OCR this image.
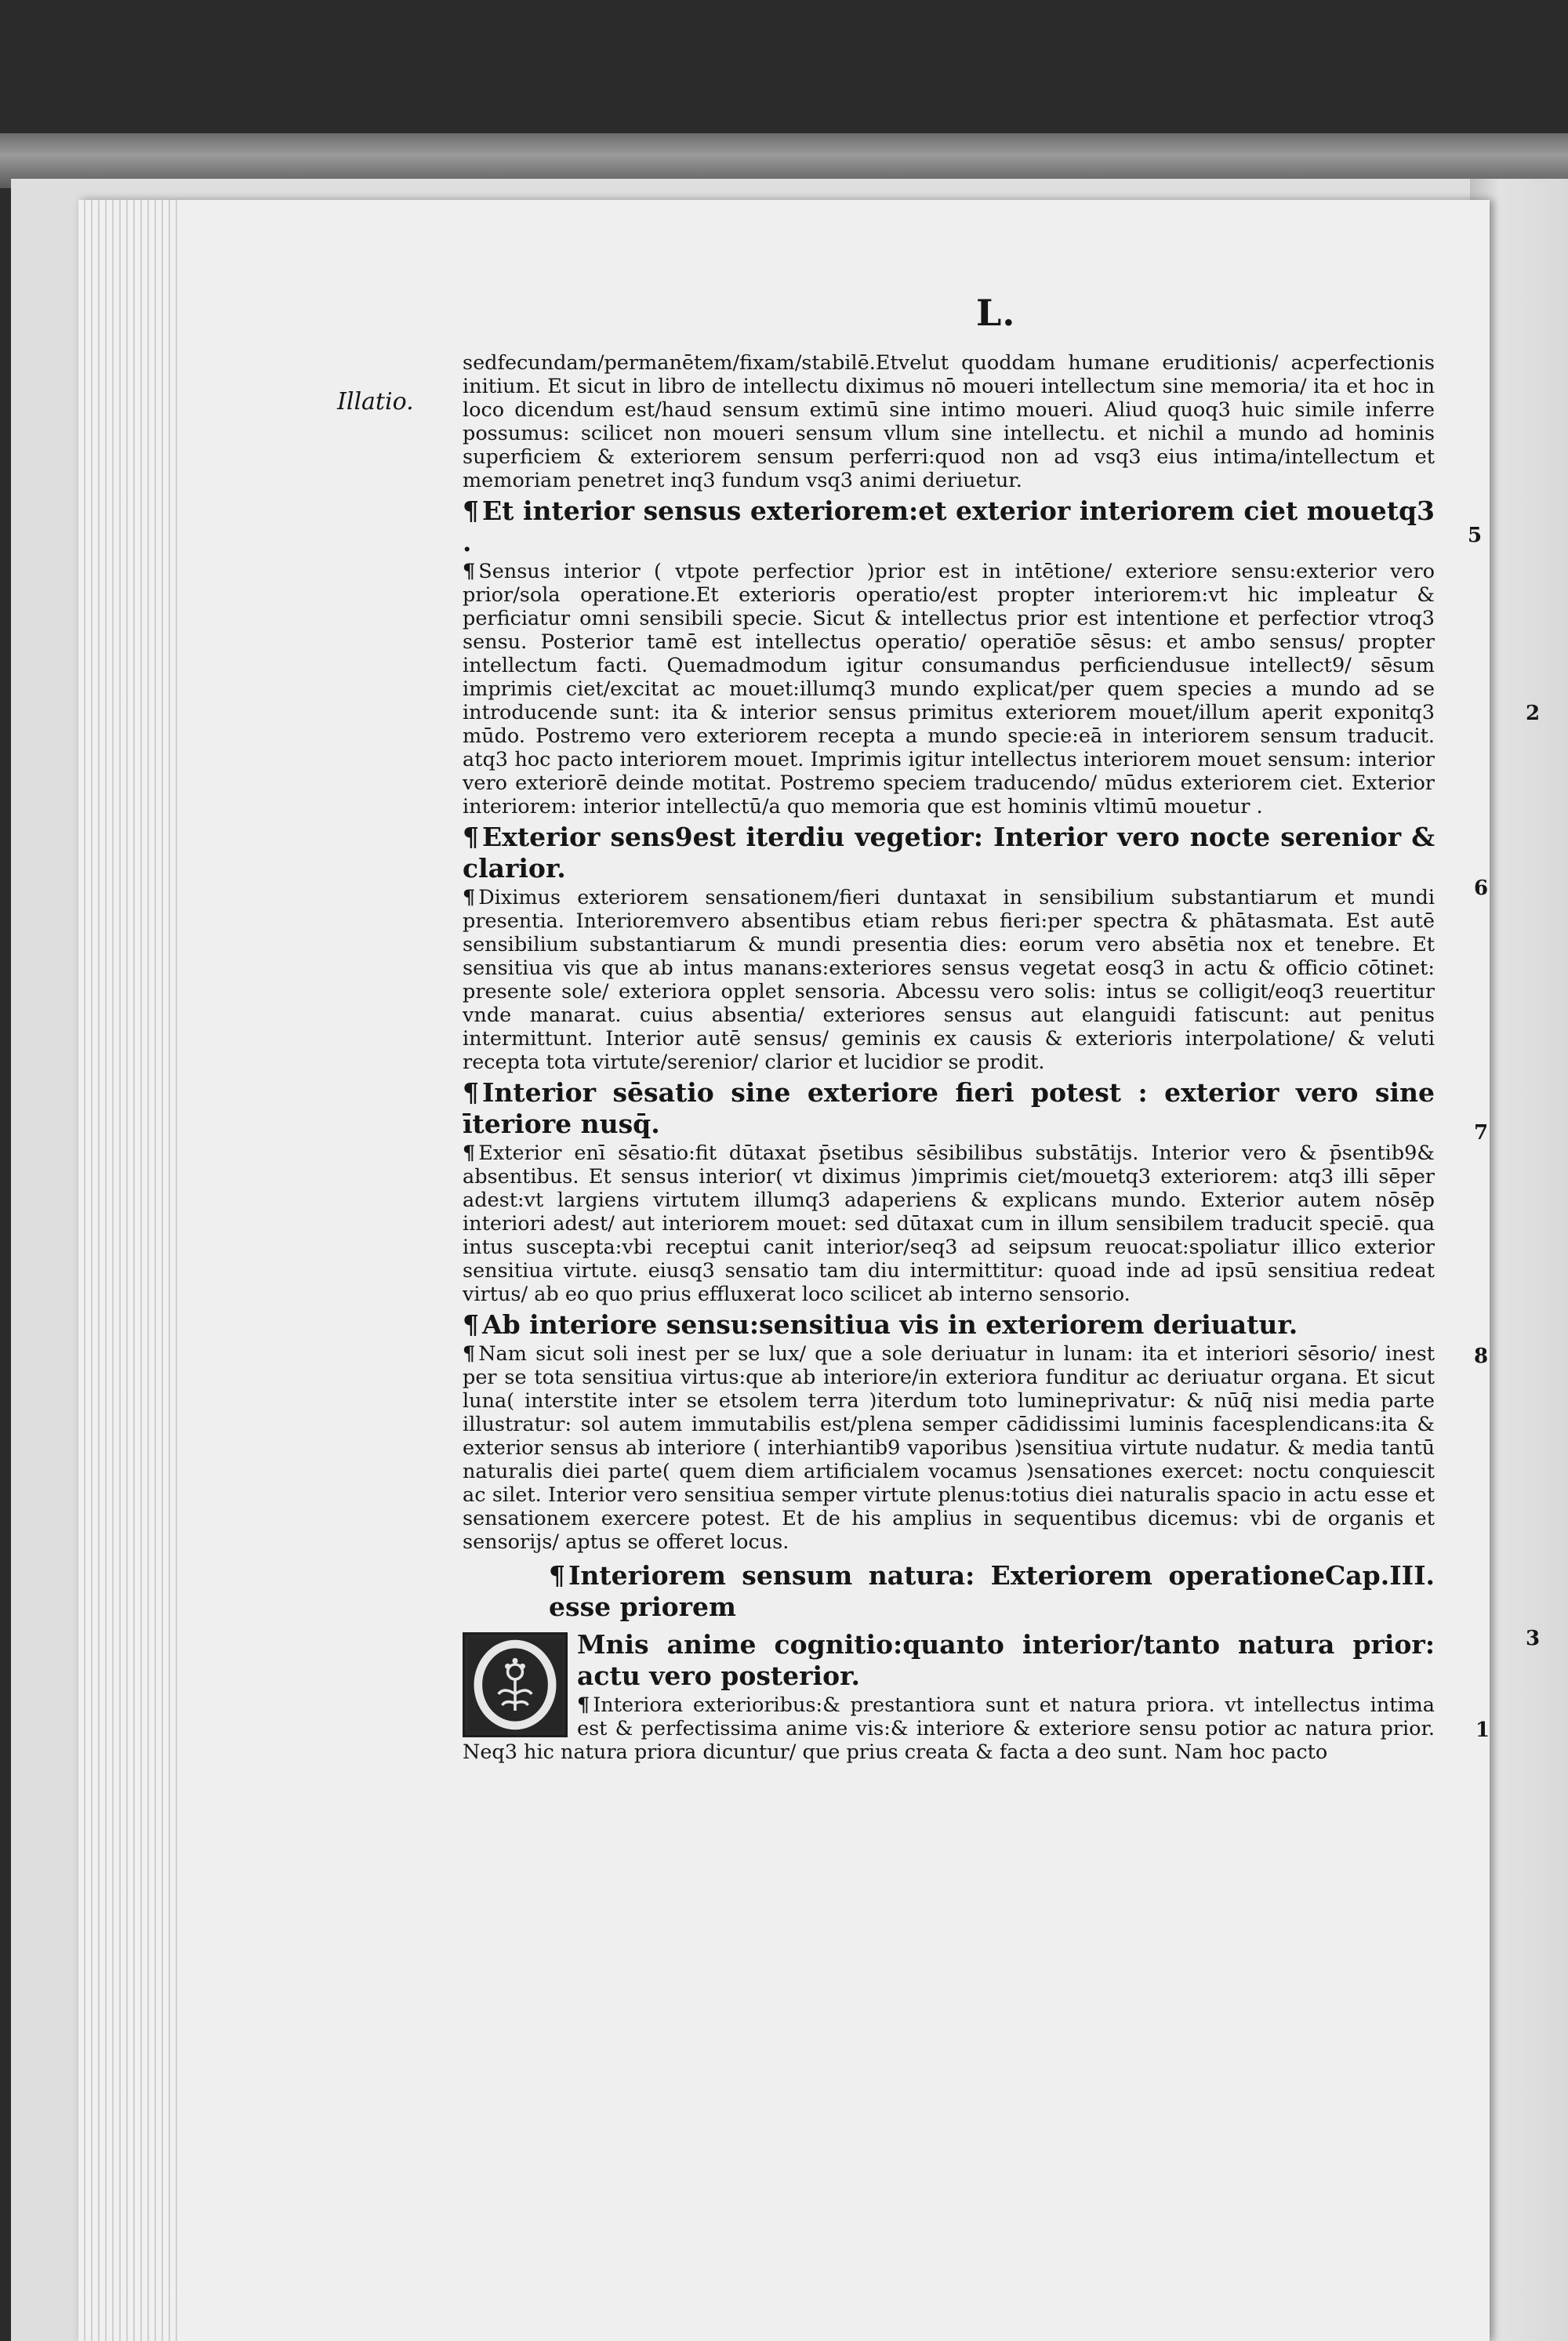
L.
Illatio.

sedfecundam/permanētem/fixam/stabilē.Etvelut quoddam humane eruditionis/ acperfectionis initium. Et sicut in libro de intellectu diximus nō moueri intellectum sine memoria/ ita et hoc in loco dicendum est/haud sensum extimū sine intimo moueri. Aliud quoq3 huic simile inferre possumus: scilicet non moueri sensum vllum sine intellectu. et nichil a mundo ad hominis superficiem & exteriorem sensum perferri:quod non ad vsq3 eius intima/intellectum et memoriam penetret inq3 fundum vsq3 animi deriuetur.

¶ Et interior sensus exteriorem:et exterior interiorem ciet mouetq3 .

¶ Sensus interior ( vtpote perfectior )prior est in intētione/ exteriore sensu:exterior vero prior/sola operatione.Et exterioris operatio/est propter interiorem:vt hic impleatur & perficiatur omni sensibili specie. Sicut & intellectus prior est intentione et perfectior vtroq3 sensu. Posterior tamē est intellectus operatio/ operatiōe sēsus: et ambo sensus/ propter intellectum facti. Quemadmodum igitur consumandus perficiendusue intellect9/ sēsum imprimis ciet/excitat ac mouet:illumq3 mundo explicat/per quem species a mundo ad se introducende sunt: ita & interior sensus primitus exteriorem mouet/illum aperit exponitq3 mūdo. Postremo vero exteriorem recepta a mundo specie:eā in interiorem sensum traducit. atq3 hoc pacto interiorem mouet. Imprimis igitur intellectus interiorem mouet sensum: interior vero exteriorē deinde motitat. Postremo speciem traducendo/ mūdus exteriorem ciet. Exterior interiorem: interior intellectū/a quo memoria que est hominis vltimū mouetur .

¶ Exterior sens9est iterdiu vegetior: Interior vero nocte serenior & clarior.

¶ Diximus exteriorem sensationem/fieri duntaxat in sensibilium substantiarum et mundi presentia. Interioremvero absentibus etiam rebus fieri:per spectra & phātasmata. Est autē sensibilium substantiarum & mundi presentia dies: eorum vero absētia nox et tenebre. Et sensitiua vis que ab intus manans:exteriores sensus vegetat eosq3 in actu & officio cōtinet: presente sole/ exteriora opplet sensoria. Abcessu vero solis: intus se colligit/eoq3 reuertitur vnde manarat. cuius absentia/ exteriores sensus aut elanguidi fatiscunt: aut penitus intermittunt. Interior autē sensus/ geminis ex causis & exterioris interpolatione/ & veluti recepta tota virtute/serenior/ clarior et lucidior se prodit.

¶ Interior sēsatio sine exteriore fieri potest : exterior vero sine īteriore nusq̄.

¶ Exterior enī sēsatio:fit dūtaxat p̄setibus sēsibilibus substātijs. Interior vero & p̄sentib9& absentibus. Et sensus interior( vt diximus )imprimis ciet/mouetq3 exteriorem: atq3 illi sēper adest:vt largiens virtutem illumq3 adaperiens & explicans mundo. Exterior autem nōsēp interiori adest/ aut interiorem mouet: sed dūtaxat cum in illum sensibilem traducit speciē. qua intus suscepta:vbi receptui canit interior/seq3 ad seipsum reuocat:spoliatur illico exterior sensitiua virtute. eiusq3 sensatio tam diu intermittitur: quoad inde ad ipsū sensitiua redeat virtus/ ab eo quo prius effluxerat loco scilicet ab interno sensorio.

¶ Ab interiore sensu:sensitiua vis in exteriorem deriuatur.

¶ Nam sicut soli inest per se lux/ que a sole deriuatur in lunam: ita et interiori sēsorio/ inest per se tota sensitiua virtus:que ab interiore/in exteriora funditur ac deriuatur organa. Et sicut luna( interstite inter se etsolem terra )iterdum toto lumineprivatur: & nūq̄ nisi media parte illustratur: sol autem immutabilis est/plena semper cādidissimi luminis facesplendicans:ita & exterior sensus ab interiore ( interhiantib9 vaporibus )sensitiua virtute nudatur. & media tantū naturalis diei parte( quem diem artificialem vocamus )sensationes exercet: noctu conquiescit ac silet. Interior vero sensitiua semper virtute plenus:totius diei naturalis spacio in actu esse et sensationem exercere potest. Et de his amplius in sequentibus dicemus: vbi de organis et sensorijs/ aptus se offeret locus.

¶ Interiorem sensum natura: Exteriorem operatione esse priorem
Cap.III.

Mnis anime cognitio:quanto interior/tanto natura prior: actu vero posterior.

¶ Interiora exterioribus:& prestantiora sunt et natura priora. vt intellectus intima est & perfectissima anime vis:& interiore & exteriore sensu potior ac natura prior. Neq3 hic natura priora dicuntur/ que prius creata & facta a deo sunt. Nam hoc pacto

5
2
6
7
8
3
1
